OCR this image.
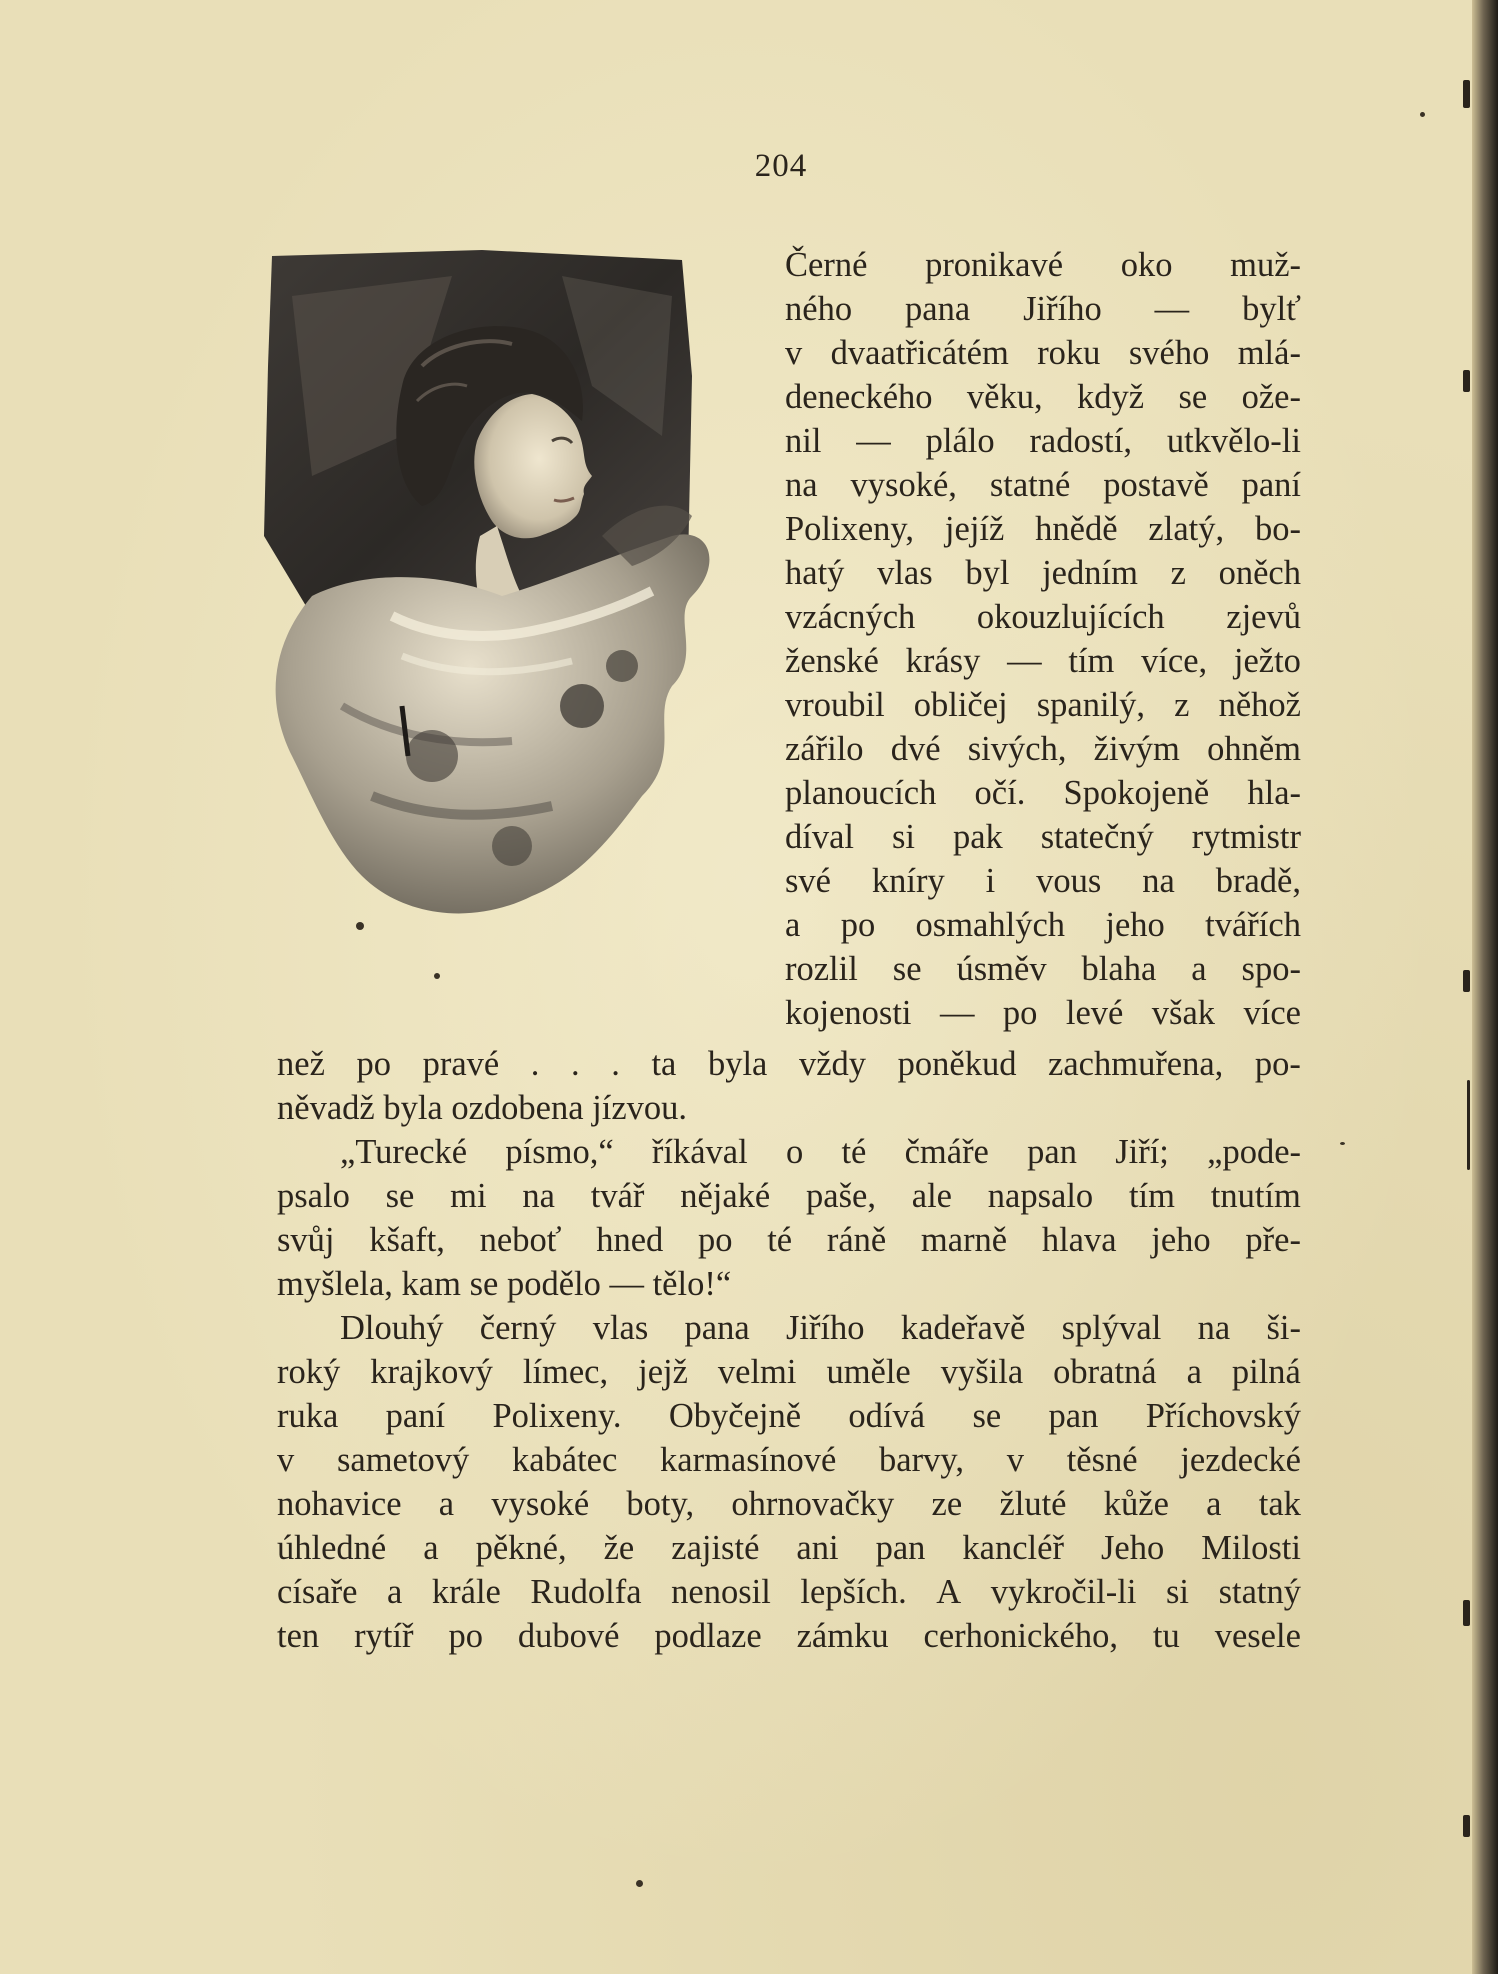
204
Černé pronikavé oko muž-
ného pana Jiřího — bylť
v dvaatřicátém roku svého mlá-
deneckého věku, když se ože-
nil — plálo radostí, utkvělo-li
na vysoké, statné postavě paní
Polixeny, jejíž hnědě zlatý, bo-
hatý vlas byl jedním z oněch
vzácných okouzlujících zjevů
ženské krásy — tím více, ježto
vroubil obličej spanilý, z něhož
zářilo dvé sivých, živým ohněm
planoucích očí. Spokojeně hla-
díval si pak statečný rytmistr
své kníry i vous na bradě,
a po osmahlých jeho tvářích
rozlil se úsměv blaha a spo-
kojenosti — po levé však více
než po pravé . . . ta byla vždy poněkud zachmuřena, po-
něvadž byla ozdobena jízvou.
„Turecké písmo,“ říkával o té čmáře pan Jiří; „pode-
psalo se mi na tvář nějaké paše, ale napsalo tím tnutím
svůj kšaft, neboť hned po té ráně marně hlava jeho pře-
myšlela, kam se podělo — tělo!“
Dlouhý černý vlas pana Jiřího kadeřavě splýval na ši-
roký krajkový límec, jejž velmi uměle vyšila obratná a pilná
ruka paní Polixeny. Obyčejně odívá se pan Příchovský
v sametový kabátec karmasínové barvy, v těsné jezdecké
nohavice a vysoké boty, ohrnovačky ze žluté kůže a tak
úhledné a pěkné, že zajisté ani pan kancléř Jeho Milosti
císaře a krále Rudolfa nenosil lepších. A vykročil-li si statný
ten rytíř po dubové podlaze zámku cerhonického, tu vesele
